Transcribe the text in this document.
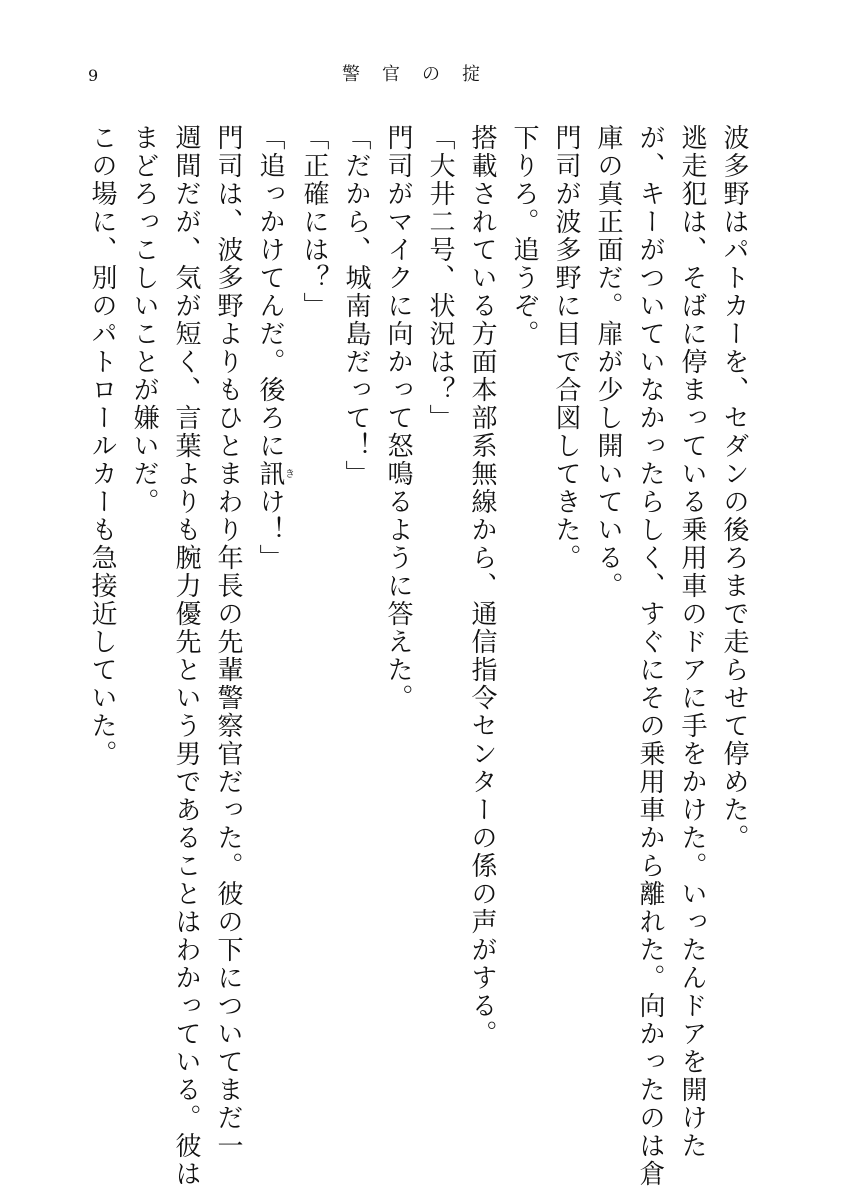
9	警官の掟

波多野はパトカーを、セダンの後ろまで走らせて停めた。

逃走犯は、そばに停まっている乗用車のドアに手をかけた。いったんドアを開けた

が、キーがついていなかったらしく、すぐにその乗用車から離れた。向かったのは倉

庫の真正面だ。扉が少し開いている。

門司が波多野に目で合図してきた。

下りろ。追うぞ。

搭載されている方面本部系無線から、通信指令センターの係の声がする。

「大井二号、状況は？」

門司がマイクに向かって怒鳴るように答えた。

「だから、城南島だって！」

「正確には？」

「追っかけてんだ。後ろに訊きけ！」

門司は、波多野よりもひとまわり年長の先輩警察官だった。彼の下についてまだ一

週間だが、気が短く、言葉よりも腕力優先という男であることはわかっている。彼は

まどろっこしいことが嫌いだ。

この場に、別のパトロールカーも急接近していた。
